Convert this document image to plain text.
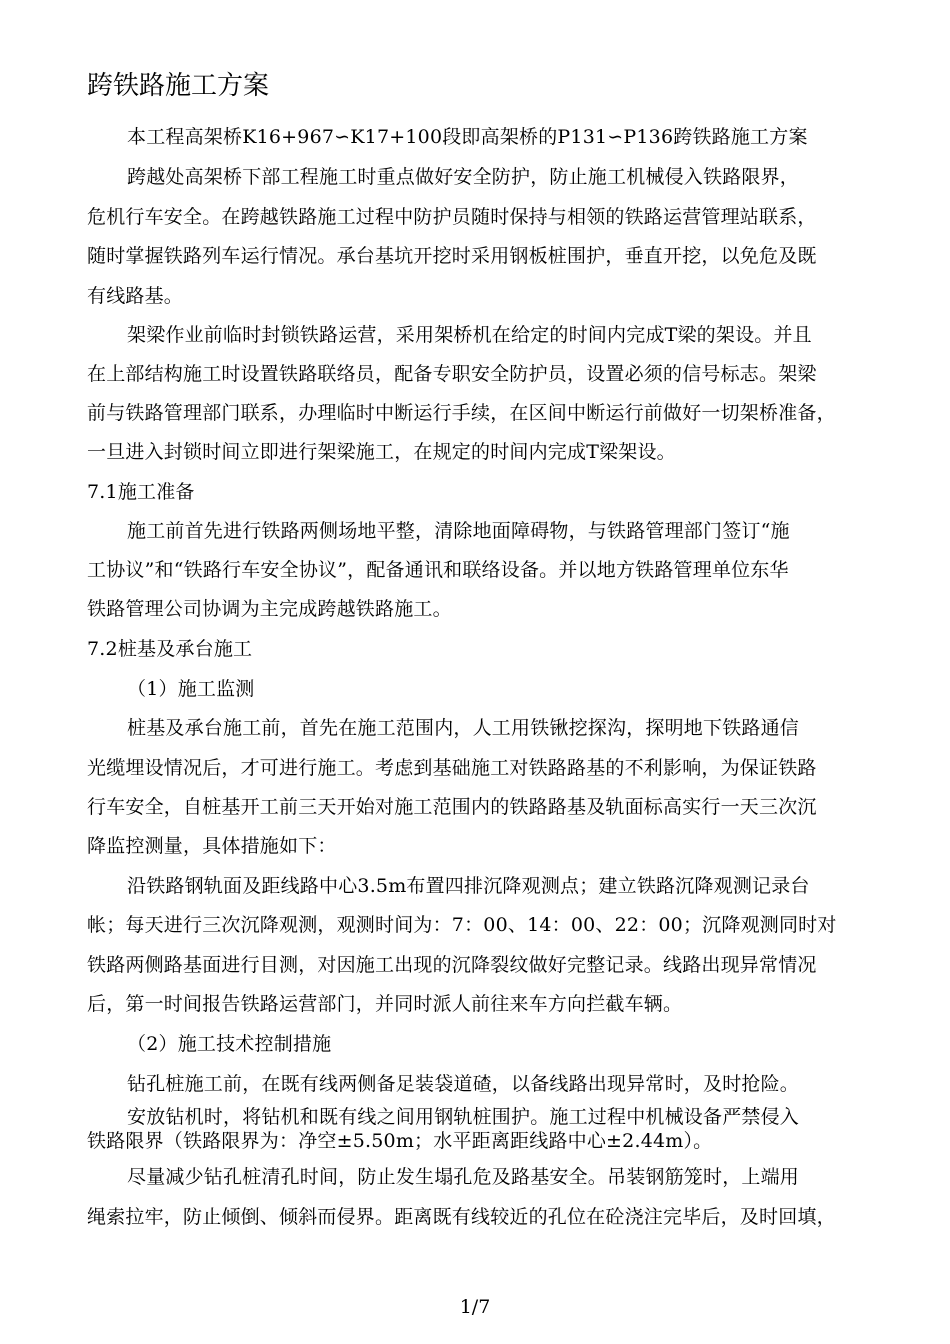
跨铁路施工方案
本工程高架桥K16+967∽K17+100段即高架桥的P131∽P136跨铁路施工方案
跨越处高架桥下部工程施工时重点做好安全防护，防止施工机械侵入铁路限界，
危机行车安全。在跨越铁路施工过程中防护员随时保持与相领的铁路运营管理站联系，
随时掌握铁路列车运行情况。承台基坑开挖时采用钢板桩围护，垂直开挖，以免危及既
有线路基。
架梁作业前临时封锁铁路运营，采用架桥机在给定的时间内完成T梁的架设。并且
在上部结构施工时设置铁路联络员，配备专职安全防护员，设置必须的信号标志。架梁
前与铁路管理部门联系，办理临时中断运行手续，在区间中断运行前做好一切架桥准备，
一旦进入封锁时间立即进行架梁施工，在规定的时间内完成T梁架设。
7.1施工准备
施工前首先进行铁路两侧场地平整，清除地面障碍物，与铁路管理部门签订“施
工协议”和“铁路行车安全协议”，配备通讯和联络设备。并以地方铁路管理单位东华
铁路管理公司协调为主完成跨越铁路施工。
7.2桩基及承台施工
（1）施工监测
桩基及承台施工前，首先在施工范围内，人工用铁锹挖探沟，探明地下铁路通信
光缆埋设情况后，才可进行施工。考虑到基础施工对铁路路基的不利影响，为保证铁路
行车安全，自桩基开工前三天开始对施工范围内的铁路路基及轨面标高实行一天三次沉
降监控测量，具体措施如下：
沿铁路钢轨面及距线路中心3.5m布置四排沉降观测点；建立铁路沉降观测记录台
帐；每天进行三次沉降观测，观测时间为：7：00、14：00、22：00；沉降观测同时对
铁路两侧路基面进行目测，对因施工出现的沉降裂纹做好完整记录。线路出现异常情况
后，第一时间报告铁路运营部门，并同时派人前往来车方向拦截车辆。
（2）施工技术控制措施
钻孔桩施工前，在既有线两侧备足装袋道碴，以备线路出现异常时，及时抢险。
安放钻机时，将钻机和既有线之间用钢轨桩围护。施工过程中机械设备严禁侵入
铁路限界（铁路限界为：净空±5.50m；水平距离距线路中心±2.44m）。
尽量减少钻孔桩清孔时间，防止发生塌孔危及路基安全。吊装钢筋笼时，上端用
绳索拉牢，防止倾倒、倾斜而侵界。距离既有线较近的孔位在砼浇注完毕后，及时回填，
1/7
